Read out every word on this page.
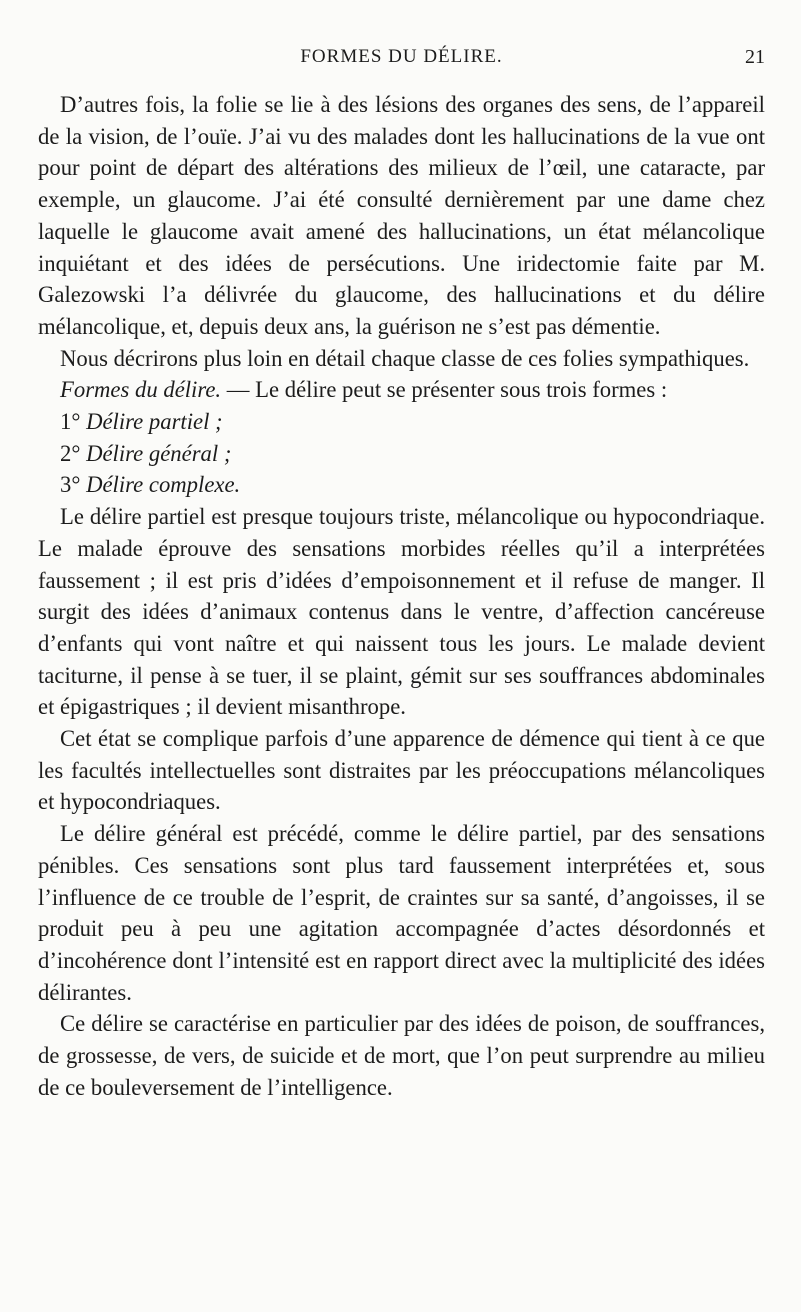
FORMES DU DÉLIRE.	21

D’autres fois, la folie se lie à des lésions des organes des sens, de l’appareil de la vision, de l’ouïe. J’ai vu des malades dont les hallucinations de la vue ont pour point de départ des altérations des milieux de l’œil, une cataracte, par exemple, un glaucome. J’ai été consulté dernièrement par une dame chez laquelle le glaucome avait amené des hallucinations, un état mélancolique inquiétant et des idées de persécutions. Une iridectomie faite par M. Galezowski l’a délivrée du glaucome, des hallucinations et du délire mélancolique, et, depuis deux ans, la guérison ne s’est pas démentie.

Nous décrirons plus loin en détail chaque classe de ces folies sympathiques.

Formes du délire. — Le délire peut se présenter sous trois formes :

1° Délire partiel ;

2° Délire général ;

3° Délire complexe.

Le délire partiel est presque toujours triste, mélancolique ou hypocondriaque. Le malade éprouve des sensations morbides réelles qu’il a interprétées faussement ; il est pris d’idées d’empoisonnement et il refuse de manger. Il surgit des idées d’animaux contenus dans le ventre, d’affection cancéreuse d’enfants qui vont naître et qui naissent tous les jours. Le malade devient taciturne, il pense à se tuer, il se plaint, gémit sur ses souffrances abdominales et épigastriques ; il devient misanthrope.

Cet état se complique parfois d’une apparence de démence qui tient à ce que les facultés intellectuelles sont distraites par les préoccupations mélancoliques et hypocondriaques.

Le délire général est précédé, comme le délire partiel, par des sensations pénibles. Ces sensations sont plus tard faussement interprétées et, sous l’influence de ce trouble de l’esprit, de craintes sur sa santé, d’angoisses, il se produit peu à peu une agitation accompagnée d’actes désordonnés et d’incohérence dont l’intensité est en rapport direct avec la multiplicité des idées délirantes.

Ce délire se caractérise en particulier par des idées de poison, de souffrances, de grossesse, de vers, de suicide et de mort, que l’on peut surprendre au milieu de ce bouleversement de l’intelligence.
